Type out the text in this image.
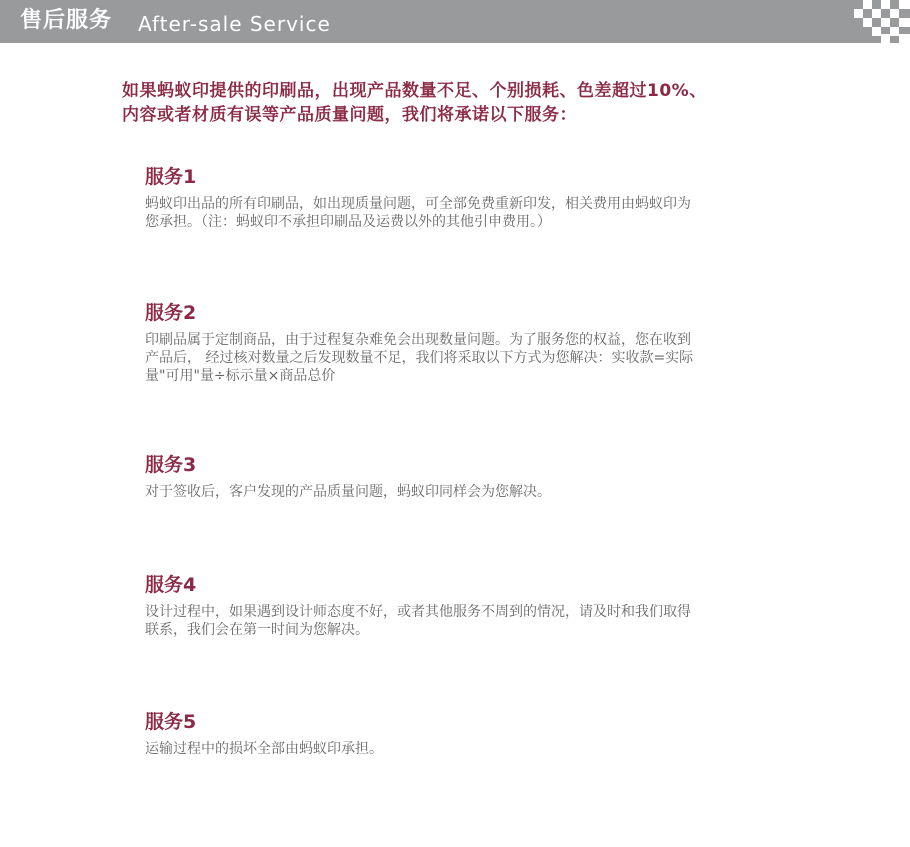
售后服务 After-sale Service
如果蚂蚁印提供的印刷品，出现产品数量不足、个别损耗、色差超过10%、
内容或者材质有误等产品质量问题，我们将承诺以下服务：
服务1

蚂蚁印出品的所有印刷品，如出现质量问题，可全部免费重新印发，相关费用由蚂蚁印为
您承担。（注：蚂蚁印不承担印刷品及运费以外的其他引申费用。）

服务2

印刷品属于定制商品，由于过程复杂难免会出现数量问题。为了服务您的权益，您在收到
产品后， 经过核对数量之后发现数量不足，我们将采取以下方式为您解决：实收款=实际
量"可用"量÷标示量×商品总价

服务3

对于签收后，客户发现的产品质量问题，蚂蚁印同样会为您解决。

服务4

设计过程中，如果遇到设计师态度不好，或者其他服务不周到的情况，请及时和我们取得
联系，我们会在第一时间为您解决。

服务5

运输过程中的损坏全部由蚂蚁印承担。
